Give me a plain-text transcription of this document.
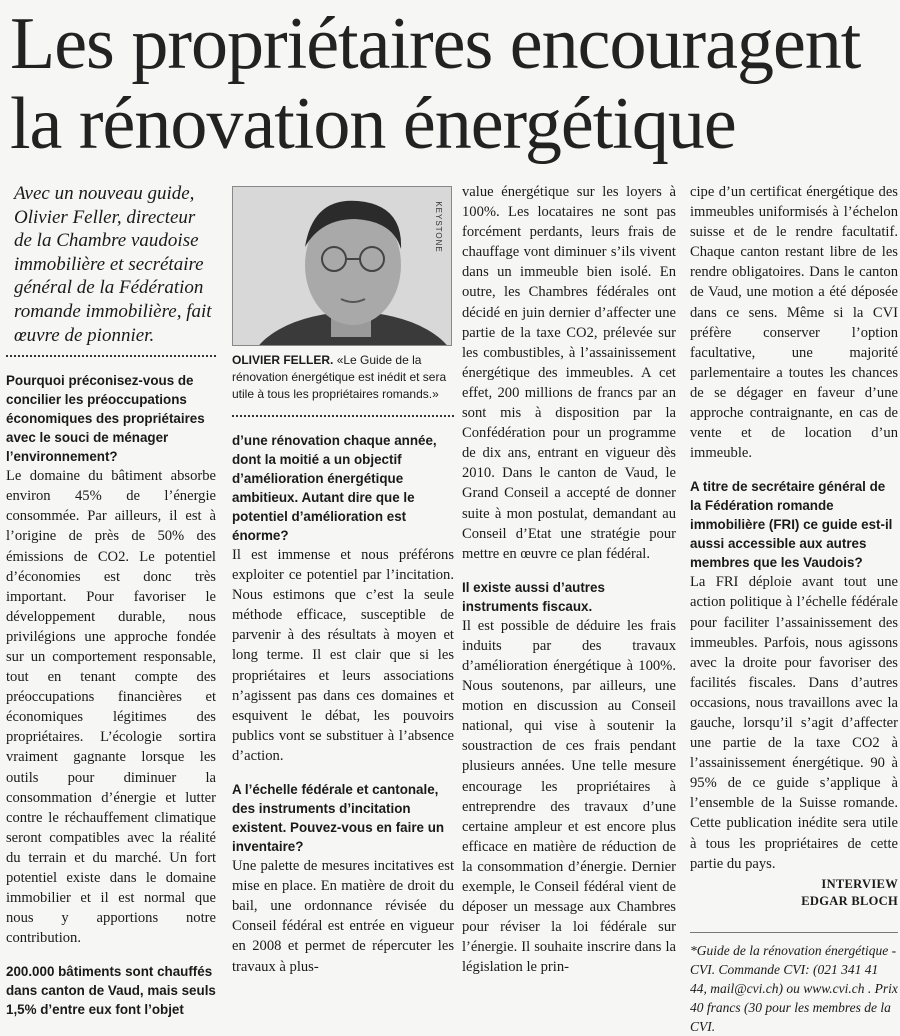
Les propriétaires encouragent la rénovation énergétique

Avec un nouveau guide, Olivier Feller, directeur de la Chambre vaudoise immobilière et secrétaire général de la Fédération romande immobilière, fait œuvre de pionnier.

Pourquoi préconisez-vous de concilier les préoccupations économiques des propriétaires avec le souci de ménager l’environnement?

Le domaine du bâtiment absorbe environ 45% de l’énergie consommée. Par ailleurs, il est à l’origine de près de 50% des émissions de CO2. Le potentiel d’économies est donc très important. Pour favoriser le développement durable, nous privilégions une approche fondée sur un comportement responsable, tout en tenant compte des préoccupations financières et économiques légitimes des propriétaires. L’écologie sortira vraiment gagnante lorsque les outils pour diminuer la consommation d’énergie et lutter contre le réchauffement climatique seront compatibles avec la réalité du terrain et du marché. Un fort potentiel existe dans le domaine immobilier et il est normal que nous y apportions notre contribution.

200.000 bâtiments sont chauffés dans canton de Vaud, mais seuls 1,5% d’entre eux font l’objet

KEYSTONE

OLIVIER FELLER. «Le Guide de la rénovation énergétique est inédit et sera utile à tous les propriétaires romands.»

d’une rénovation chaque année, dont la moitié a un objectif d’amélioration énergétique ambitieux. Autant dire que le potentiel d’amélioration est énorme?

Il est immense et nous préférons exploiter ce potentiel par l’incitation. Nous estimons que c’est la seule méthode efficace, susceptible de parvenir à des résultats à moyen et long terme. Il est clair que si les propriétaires et leurs associations n’agissent pas dans ces domaines et esquivent le débat, les pouvoirs publics vont se substituer à l’absence d’action.

A l’échelle fédérale et cantonale, des instruments d’incitation existent. Pouvez-vous en faire un inventaire?

Une palette de mesures incitatives est mise en place. En matière de droit du bail, une ordonnance révisée du Conseil fédéral est entrée en vigueur en 2008 et permet de répercuter les travaux à plus-

value énergétique sur les loyers à 100%. Les locataires ne sont pas forcément perdants, leurs frais de chauffage vont diminuer s’ils vivent dans un immeuble bien isolé. En outre, les Chambres fédérales ont décidé en juin dernier d’affecter une partie de la taxe CO2, prélevée sur les combustibles, à l’assainissement énergétique des immeubles. A cet effet, 200 millions de francs par an sont mis à disposition par la Confédération pour un programme de dix ans, entrant en vigueur dès 2010. Dans le canton de Vaud, le Grand Conseil a accepté de donner suite à mon postulat, demandant au Conseil d’Etat une stratégie pour mettre en œuvre ce plan fédéral.

Il existe aussi d’autres instruments fiscaux.

Il est possible de déduire les frais induits par des travaux d’amélioration énergétique à 100%. Nous soutenons, par ailleurs, une motion en discussion au Conseil national, qui vise à soutenir la soustraction de ces frais pendant plusieurs années. Une telle mesure encourage les propriétaires à entreprendre des travaux d’une certaine ampleur et est encore plus efficace en matière de réduction de la consommation d’énergie. Dernier exemple, le Conseil fédéral vient de déposer un message aux Chambres pour réviser la loi fédérale sur l’énergie. Il souhaite inscrire dans la législation le prin-

cipe d’un certificat énergétique des immeubles uniformisés à l’échelon suisse et de le rendre facultatif. Chaque canton restant libre de les rendre obligatoires. Dans le canton de Vaud, une motion a été déposée dans ce sens. Même si la CVI préfère conserver l’option facultative, une majorité parlementaire a toutes les chances de se dégager en faveur d’une approche contraignante, en cas de vente et de location d’un immeuble.

A titre de secrétaire général de la Fédération romande immobilière (FRI) ce guide est-il aussi accessible aux autres membres que les Vaudois?

La FRI déploie avant tout une action politique à l’échelle fédérale pour faciliter l’assainissement des immeubles. Parfois, nous agissons avec la droite pour favoriser des facilités fiscales. Dans d’autres occasions, nous travaillons avec la gauche, lorsqu’il s’agit d’affecter une partie de la taxe CO2 à l’assainissement énergétique. 90 à 95% de ce guide s’applique à l’ensemble de la Suisse romande. Cette publication inédite sera utile à tous les propriétaires de cette partie du pays.

INTERVIEW

EDGAR BLOCH

*Guide de la rénovation énergétique - CVI. Commande CVI: (021 341 41 44, mail@cvi.ch) ou www.cvi.ch . Prix 40 francs (30 pour les membres de la CVI.
